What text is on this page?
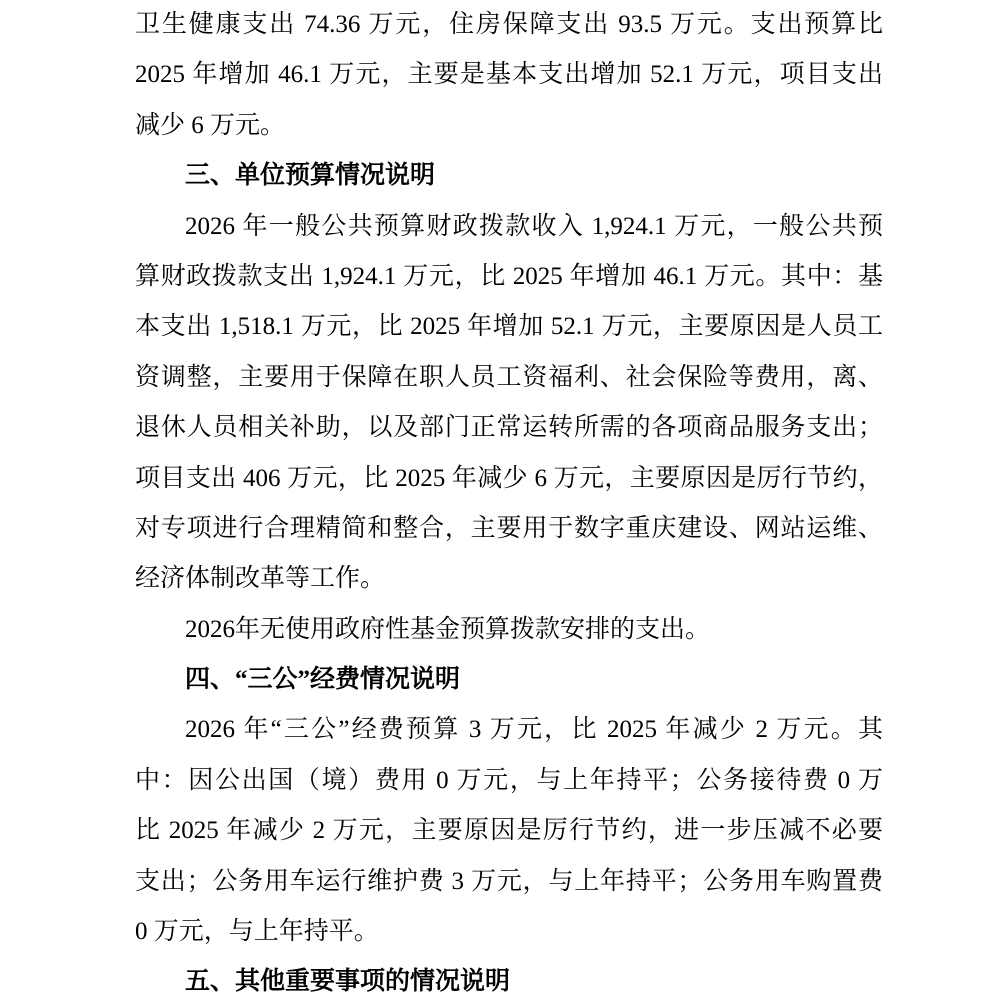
卫生健康支出 74.36 万元，住房保障支出 93.5 万元。支出预算比
2025 年增加 46.1 万元，主要是基本支出增加 52.1 万元，项目支出
减少 6 万元。
三、单位预算情况说明
2026 年一般公共预算财政拨款收入 1,924.1 万元，一般公共预
算财政拨款支出 1,924.1 万元，比 2025 年增加 46.1 万元。其中：基
本支出 1,518.1 万元，比 2025 年增加 52.1 万元，主要原因是人员工
资调整，主要用于保障在职人员工资福利、社会保险等费用，离、
退休人员相关补助，以及部门正常运转所需的各项商品服务支出；
项目支出 406 万元，比 2025 年减少 6 万元，主要原因是厉行节约，
对专项进行合理精简和整合，主要用于数字重庆建设、网站运维、
经济体制改革等工作。
2026年无使用政府性基金预算拨款安排的支出。
四、“三公”经费情况说明
2026 年“三公”经费预算 3 万元，比 2025 年减少 2 万元。其
中：因公出国（境）费用 0 万元，与上年持平；公务接待费 0 万
比 2025 年减少 2 万元，主要原因是厉行节约，进一步压减不必要
支出；公务用车运行维护费 3 万元，与上年持平；公务用车购置费
0 万元，与上年持平。
五、其他重要事项的情况说明
